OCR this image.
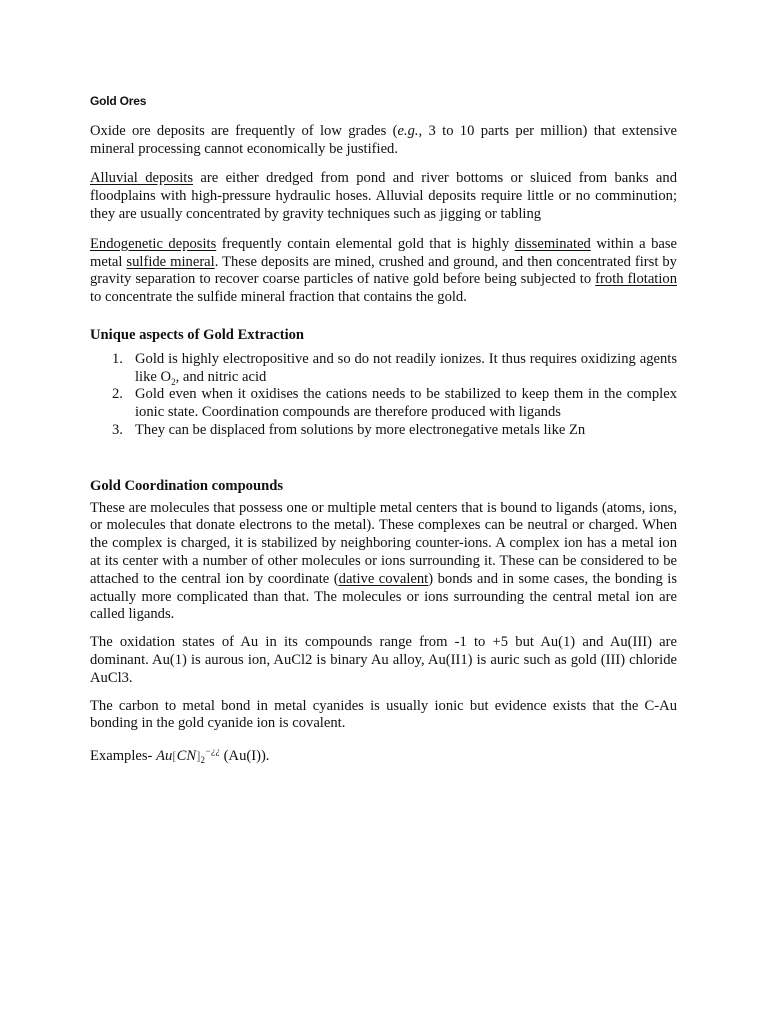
Gold Ores

Oxide ore deposits are frequently of low grades (e.g., 3 to 10 parts per million) that extensive mineral processing cannot economically be justified.

Alluvial deposits are either dredged from pond and river bottoms or sluiced from banks and floodplains with high-pressure hydraulic hoses. Alluvial deposits require little or no comminution; they are usually concentrated by gravity techniques such as jigging or tabling

Endogenetic deposits frequently contain elemental gold that is highly disseminated within a base metal sulfide mineral. These deposits are mined, crushed and ground, and then concentrated first by gravity separation to recover coarse particles of native gold before being subjected to froth flotation to concentrate the sulfide mineral fraction that contains the gold.

Unique aspects of Gold Extraction
1. Gold is highly electropositive and so do not readily ionizes. It thus requires oxidizing agents like $O_2$, and nitric acid
2. Gold even when it oxidises the cations needs to be stabilized to keep them in the complex ionic state. Coordination compounds are therefore produced with ligands
3. They can be displaced from solutions by more electronegative metals like Zn
Gold Coordination compounds

These are molecules that possess one or multiple metal centers that is bound to ligands (atoms, ions, or molecules that donate electrons to the metal). These complexes can be neutral or charged. When the complex is charged, it is stabilized by neighboring counter-ions. A complex ion has a metal ion at its center with a number of other molecules or ions surrounding it. These can be considered to be attached to the central ion by coordinate (dative covalent) bonds and in some cases, the bonding is actually more complicated than that. The molecules or ions surrounding the central metal ion are called ligands.

The oxidation states of Au in its compounds range from -1 to +5 but Au(1) and Au(III) are dominant. Au(1) is aurous ion, AuCl2 is binary Au alloy, Au(II1) is auric such as gold (III) chloride AuCl3.

The carbon to metal bond in metal cyanides is usually ionic but evidence exists that the C-Au bonding in the gold cyanide ion is covalent.

Examples- $Au[CN]_2^{-¿¿}$ (Au(I)).
